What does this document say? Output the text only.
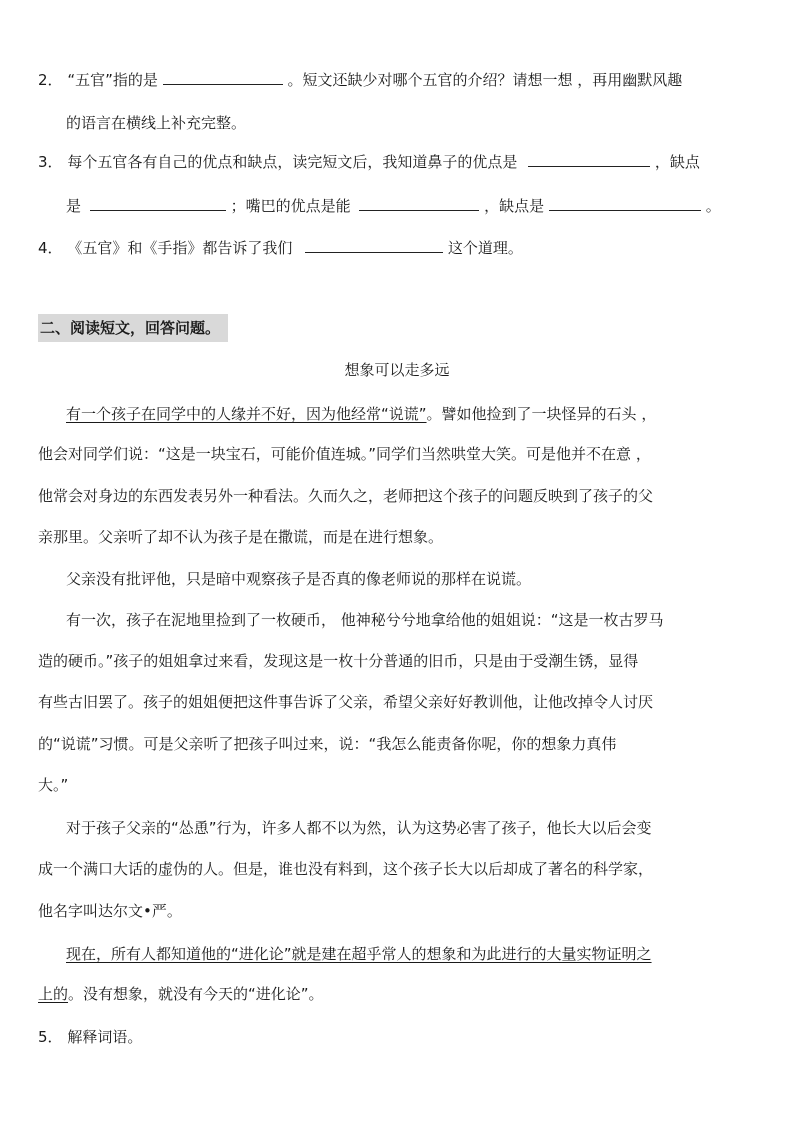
2． “五官”指的是	。短文还缺少对哪个五官的介绍？请想一想 ，再用幽默风趣
的语言在横线上补充完整。
3． 每个五官各有自己的优点和缺点，读完短文后，我知道鼻子的优点是	，缺点
是	；嘴巴的优点是能	，缺点是	。
4． 《五官》和《手指》都告诉了我们	这个道理。
二、阅读短文，回答问题。
想象可以走多远
有一个孩子在同学中的人缘并不好，因为他经常“说谎”。譬如他捡到了一块怪异的石头 ，
他会对同学们说：“这是一块宝石，可能价值连城。”同学们当然哄堂大笑。可是他并不在意 ，
他常会对身边的东西发表另外一种看法。久而久之，老师把这个孩子的问题反映到了孩子的父
亲那里。父亲听了却不认为孩子是在撒谎，而是在进行想象。
父亲没有批评他，只是暗中观察孩子是否真的像老师说的那样在说谎。
有一次，孩子在泥地里捡到了一枚硬币， 他神秘兮兮地拿给他的姐姐说：“这是一枚古罗马
造的硬币。”孩子的姐姐拿过来看，发现这是一枚十分普通的旧币，只是由于受潮生锈，显得
有些古旧罢了。孩子的姐姐便把这件事告诉了父亲，希望父亲好好教训他，让他改掉令人讨厌
的“说谎”习惯。可是父亲听了把孩子叫过来，说：“我怎么能责备你呢，你的想象力真伟
大。”
对于孩子父亲的“怂恿”行为，许多人都不以为然，认为这势必害了孩子，他长大以后会变
成一个满口大话的虚伪的人。但是，谁也没有料到，这个孩子长大以后却成了著名的科学家，
他名字叫达尔文•严。
现在，所有人都知道他的“进化论”就是建在超乎常人的想象和为此进行的大量实物证明之
上的。没有想象，就没有今天的“进化论”。
5． 解释词语。
